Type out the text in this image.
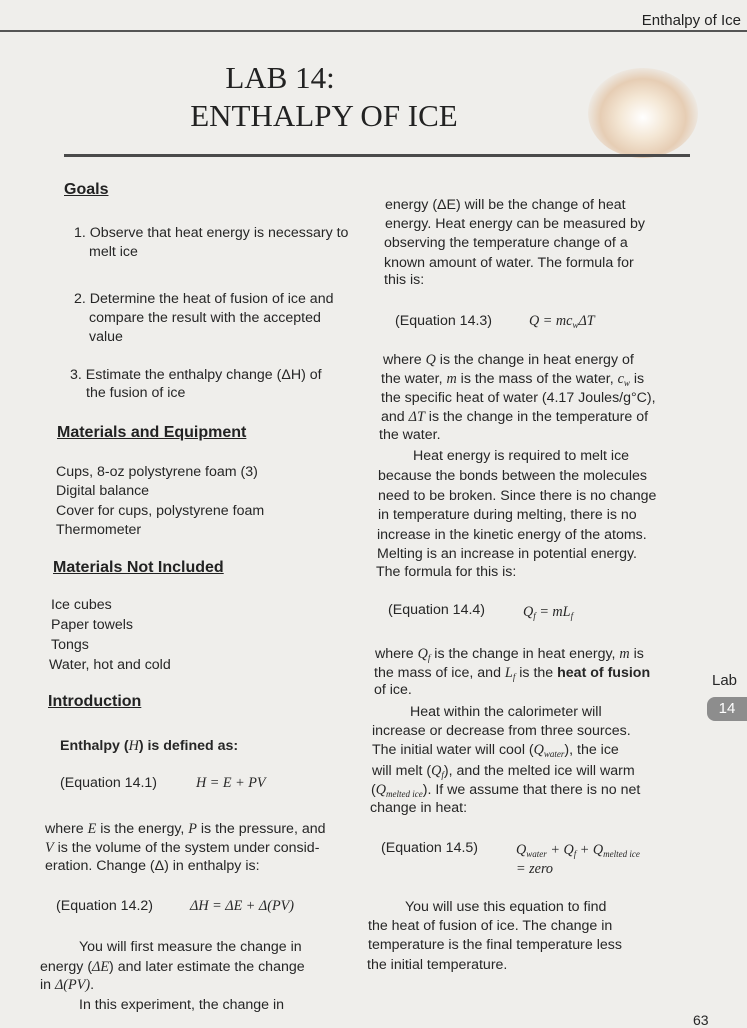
Enthalpy of Ice
LAB 14:
ENTHALPY OF ICE
Goals
1. Observe that heat energy is necessary to
melt ice
2. Determine the heat of fusion of ice and
compare the result with the accepted
value
3. Estimate the enthalpy change (ΔH) of
the fusion of ice
Materials and Equipment
Cups, 8-oz polystyrene foam (3)
Digital balance
Cover for cups, polystyrene foam
Thermometer
Materials Not Included
Ice cubes
Paper towels
Tongs
Water, hot and cold
Introduction
Enthalpy (H) is defined as:
(Equation 14.1)	H = E + PV
where E is the energy, P is the pressure, and
V is the volume of the system under consid-
eration. Change (Δ) in enthalpy is:
(Equation 14.2)	ΔH = ΔE + Δ(PV)
You will first measure the change in
energy (ΔE) and later estimate the change
in Δ(PV).
In this experiment, the change in
energy (ΔE) will be the change of heat
energy. Heat energy can be measured by
observing the temperature change of a
known amount of water. The formula for
this is:
(Equation 14.3)	$Q = mc_w\Delta T$
where Q is the change in heat energy of
the water, m is the mass of the water, $c_w$ is
the specific heat of water (4.17 Joules/g°C),
and ΔT is the change in the temperature of
the water.
Heat energy is required to melt ice
because the bonds between the molecules
need to be broken. Since there is no change
in temperature during melting, there is no
increase in the kinetic energy of the atoms.
Melting is an increase in potential energy.
The formula for this is:
(Equation 14.4)	$Q_f = mL_f$
where $Q_f$ is the change in heat energy, m is
the mass of ice, and $L_f$ is the heat of fusion
of ice.
Heat within the calorimeter will
increase or decrease from three sources.
The initial water will cool $(Q_{water})$, the ice
will melt $(Q_f)$, and the melted ice will warm
$(Q_{melted ice})$. If we assume that there is no net
change in heat:
(Equation 14.5)	$Q_{water} + Q_f + Q_{melted ice}$
= zero
You will use this equation to find
the heat of fusion of ice. The change in
temperature is the final temperature less
the initial temperature.
Lab
14
63
